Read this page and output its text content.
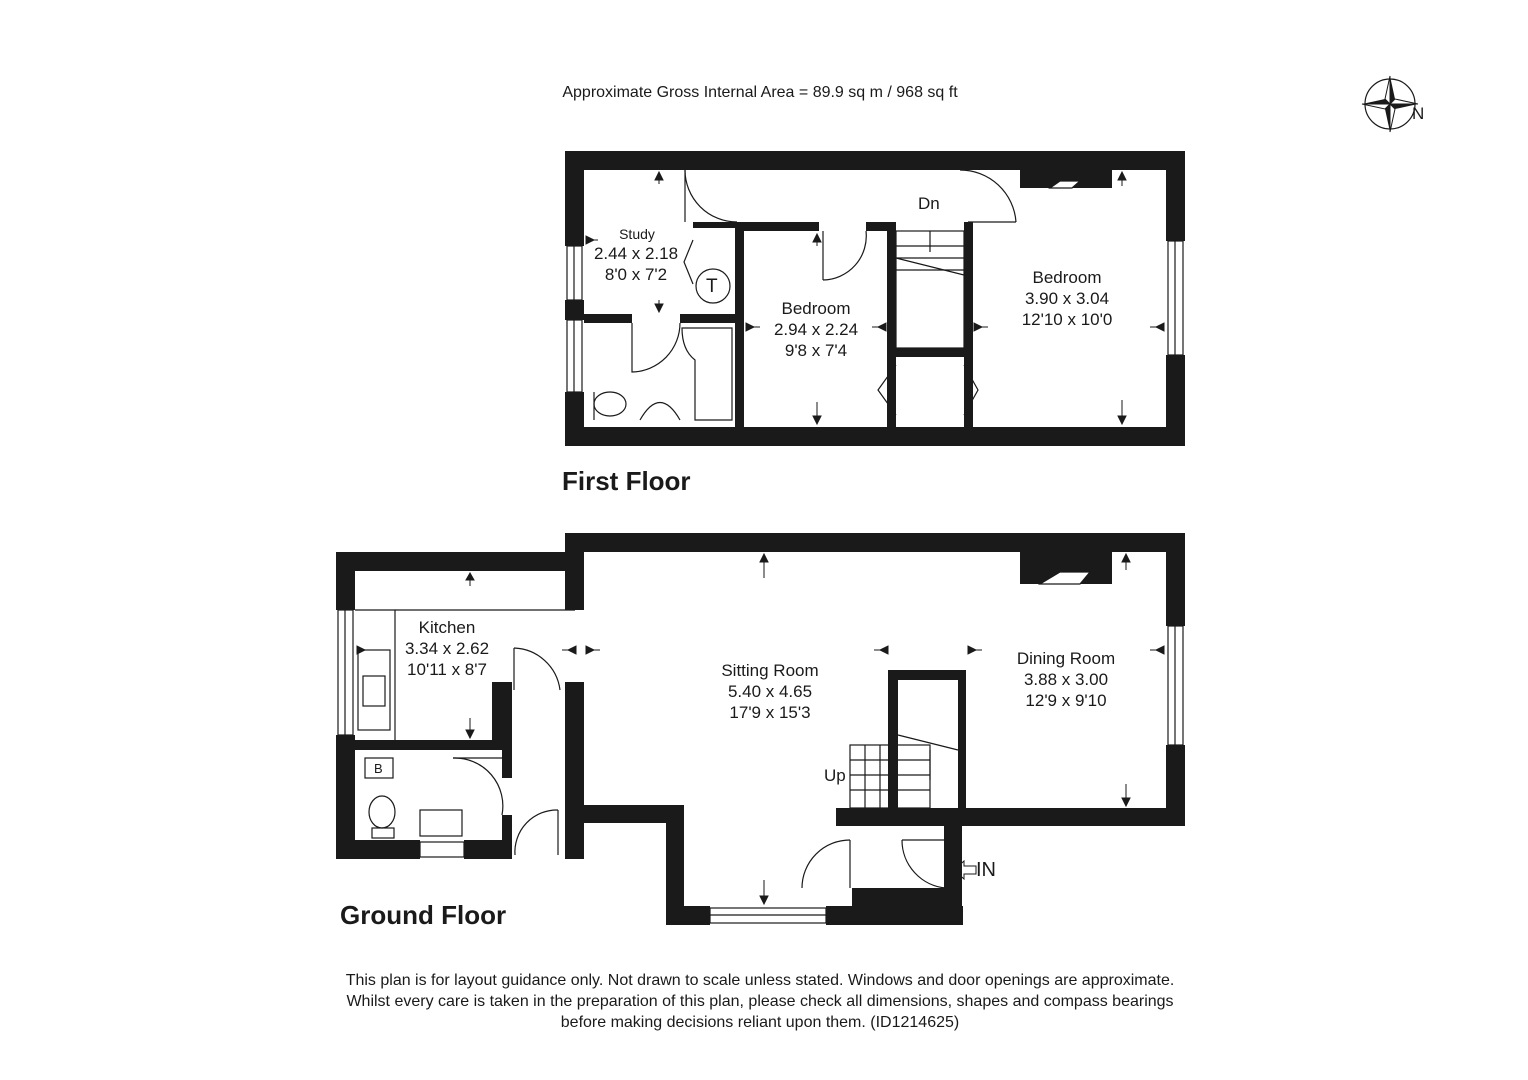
Approximate Gross Internal Area = 89.9 sq m / 968 sq ft
N
Study
2.44 x 2.18
8'0 x 7'2
Bedroom
2.94 x 2.24
9'8 x 7'4
Bedroom
3.90 x 3.04
12'10 x 10'0
Dn
T
First Floor
Kitchen
3.34 x 2.62
10'11 x 8'7	Sitting Room
5.40 x 4.65
17'9 x 15'3
Dining Room
3.88 x 3.00
12'9 x 9'10
Up
B
IN
Ground Floor
This plan is for layout guidance only. Not drawn to scale unless stated. Windows and door openings are approximate.
Whilst every care is taken in the preparation of this plan, please check all dimensions, shapes and compass bearings
before making decisions reliant upon them. (ID1214625)
